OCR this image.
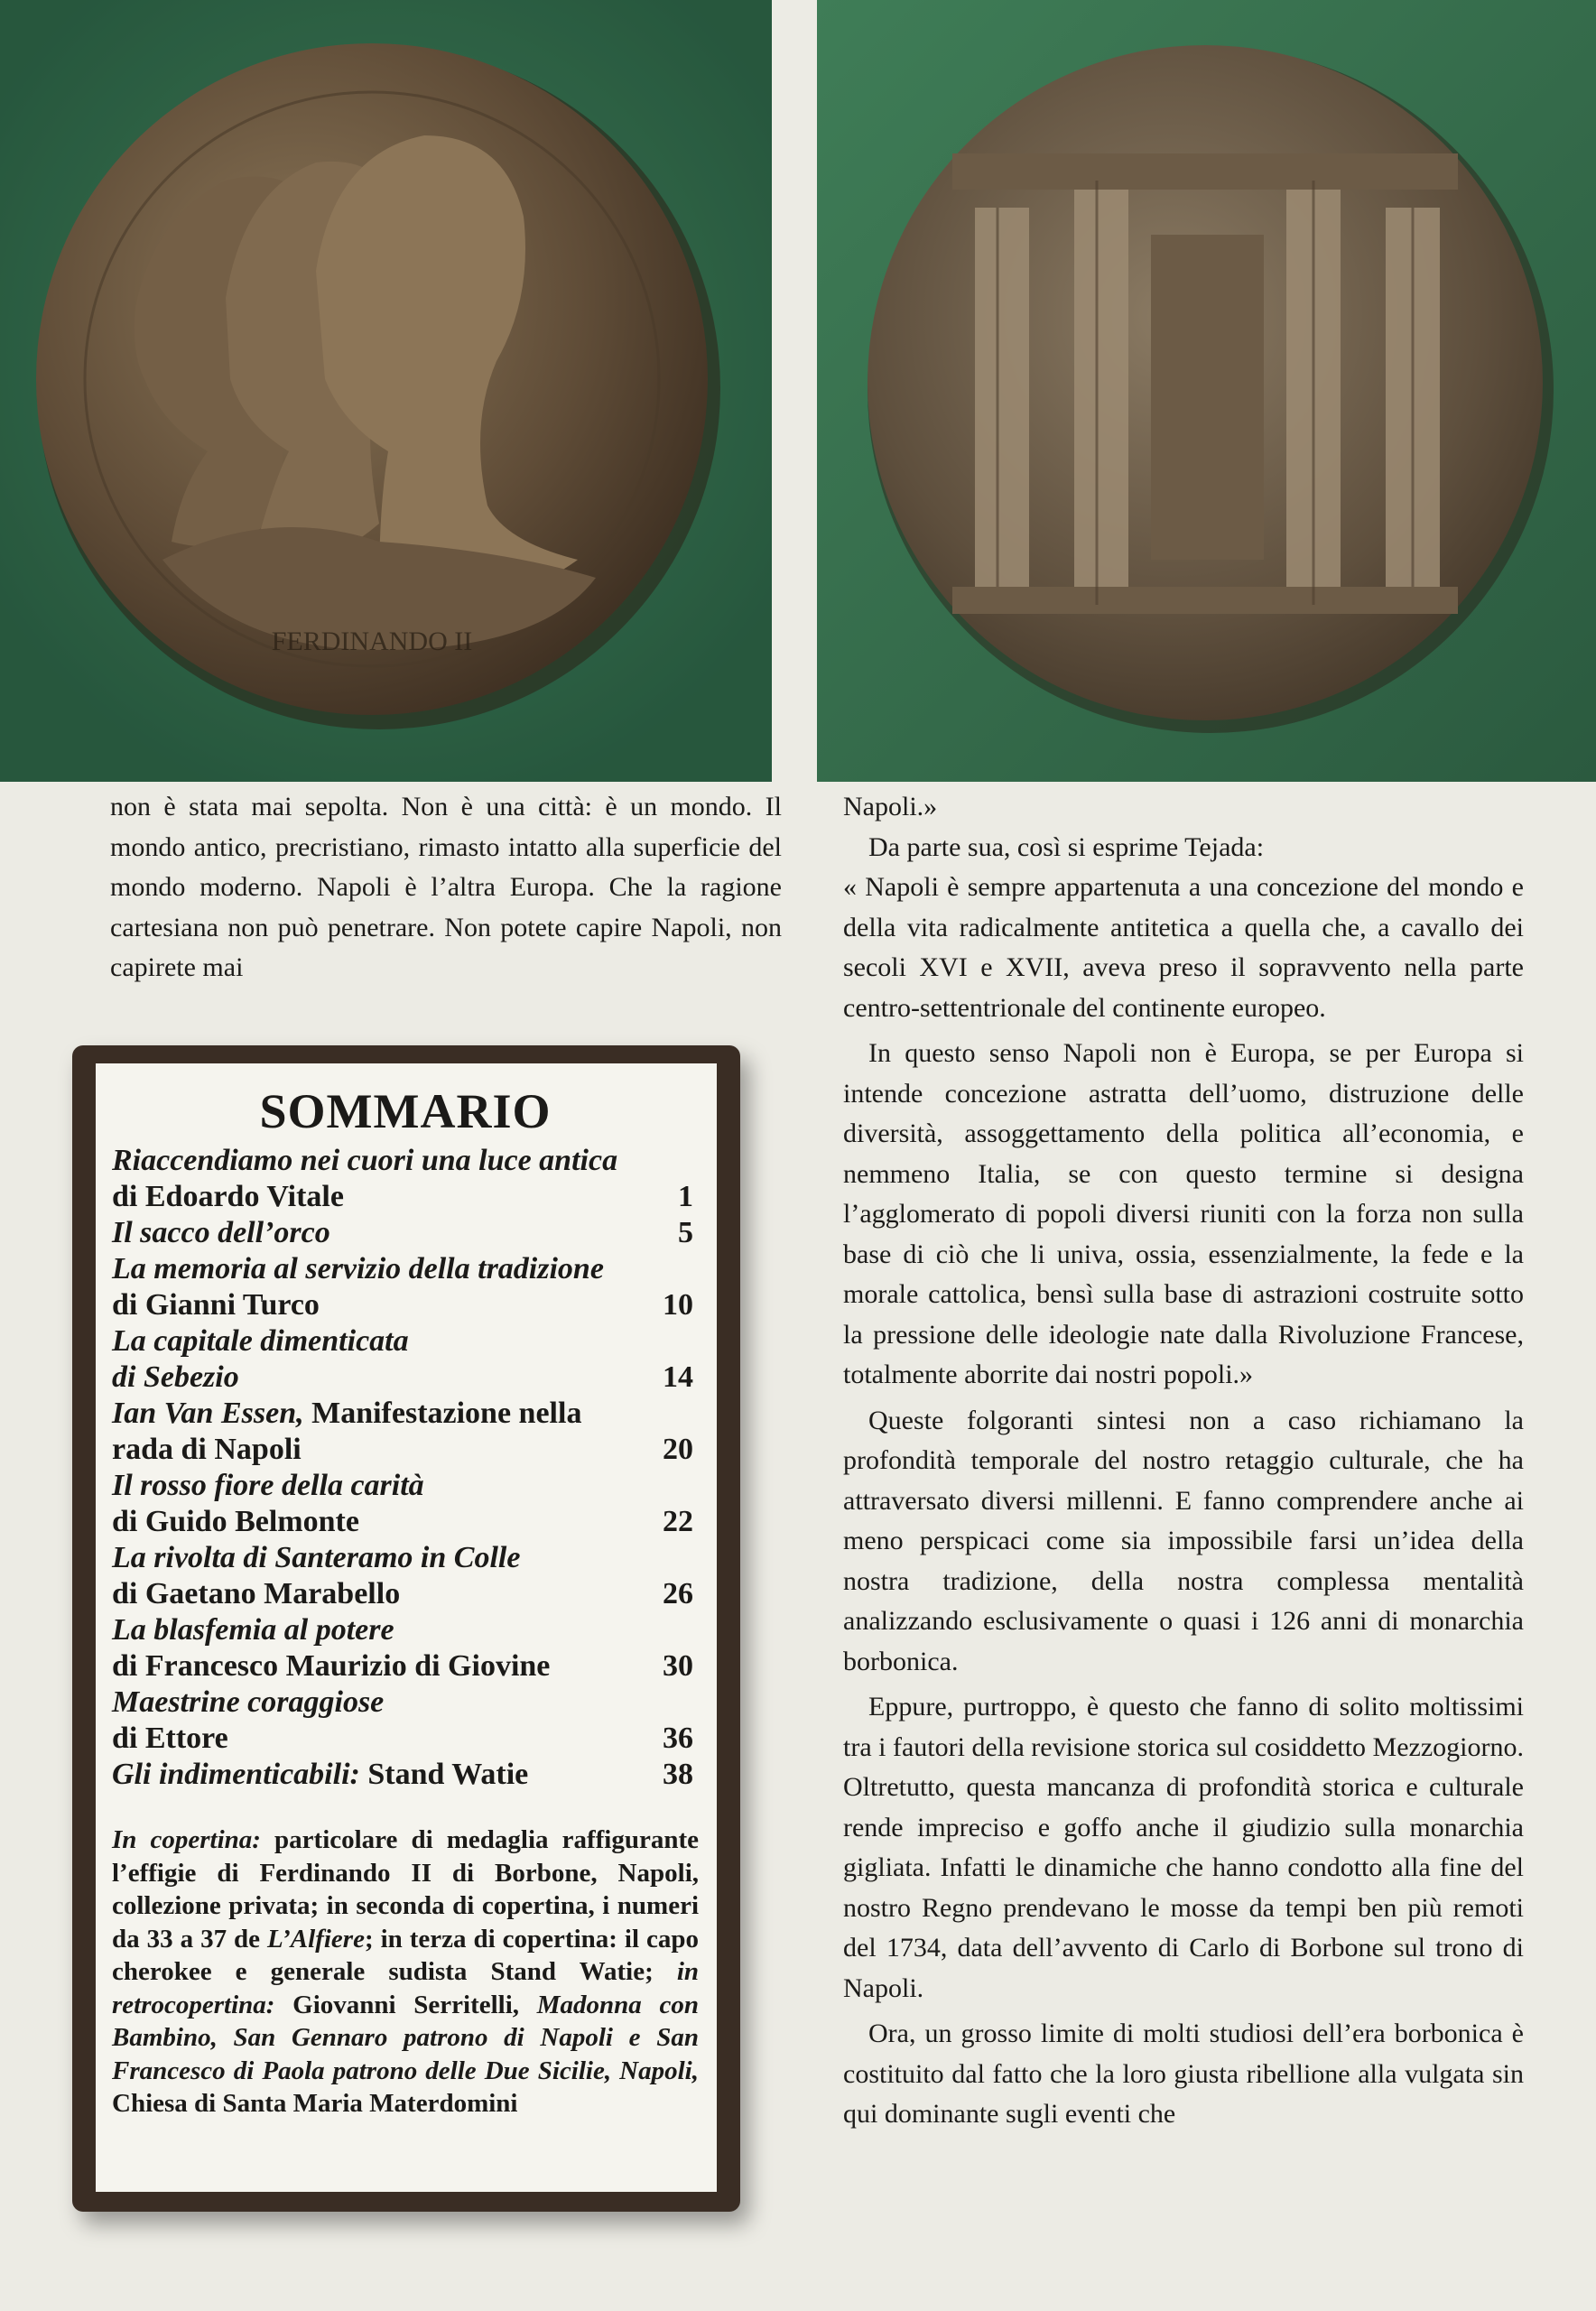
FERDINANDO II

non è stata mai sepolta. Non è una città: è un mondo. Il mondo antico, precristiano, rimasto intatto alla superficie del mondo moderno. Napoli è l’altra Europa. Che la ragione cartesiana non può penetrare. Non potete capire Napoli, non capirete mai

SOMMARIO
Riaccendiamo nei cuori una luce antica
di Edoardo Vitale	1
Il sacco dell’orco	5
La memoria al servizio della tradizione
di Gianni Turco	10
La capitale dimenticata
di Sebezio	14
Ian Van Essen, Manifestazione nella
rada di Napoli	20
Il rosso fiore della carità
di Guido Belmonte	22
La rivolta di Santeramo in Colle
di Gaetano Marabello	26
La blasfemia al potere
di Francesco Maurizio di Giovine	30
Maestrine coraggiose
di Ettore	36
Gli indimenticabili: Stand Watie	38
In copertina: particolare di medaglia raffigurante l’effigie di Ferdinando II di Borbone, Napoli, collezione privata; in seconda di copertina, i numeri da 33 a 37 de L’Alfiere; in terza di copertina: il capo cherokee e generale sudista Stand Watie; in retrocopertina: Giovanni Serritelli, Madonna con Bambino, San Gennaro patrono di Napoli e San Francesco di Paola patrono delle Due Sicilie, Napoli, Chiesa di Santa Maria Materdomini

Napoli.»

Da parte sua, così si esprime Tejada:

« Napoli è sempre appartenuta a una concezione del mondo e della vita radicalmente antitetica a quella che, a cavallo dei secoli XVI e XVII, aveva preso il sopravvento nella parte centro-settentrionale del continente europeo.

In questo senso Napoli non è Europa, se per Europa si intende concezione astratta dell’uomo, distruzione delle diversità, assoggettamento della politica all’economia, e nemmeno Italia, se con questo termine si designa l’agglomerato di popoli diversi riuniti con la forza non sulla base di ciò che li univa, ossia, essenzialmente, la fede e la morale cattolica, bensì sulla base di astrazioni costruite sotto la pressione delle ideologie nate dalla Rivoluzione Francese, totalmente aborrite dai nostri popoli.»

Queste folgoranti sintesi non a caso richiamano la profondità temporale del nostro retaggio culturale, che ha attraversato diversi millenni. E fanno comprendere anche ai meno perspicaci come sia impossibile farsi un’idea della nostra tradizione, della nostra complessa mentalità analizzando esclusivamente o quasi i 126 anni di monarchia borbonica.

Eppure, purtroppo, è questo che fanno di solito moltissimi tra i fautori della revisione storica sul cosiddetto Mezzogiorno. Oltretutto, questa mancanza di profondità storica e culturale rende impreciso e goffo anche il giudizio sulla monarchia gigliata. Infatti le dinamiche che hanno condotto alla fine del nostro Regno prendevano le mosse da tempi ben più remoti del 1734, data dell’avvento di Carlo di Borbone sul trono di Napoli.

Ora, un grosso limite di molti studiosi dell’era borbonica è costituito dal fatto che la loro giusta ribellione alla vulgata sin qui dominante sugli eventi che
